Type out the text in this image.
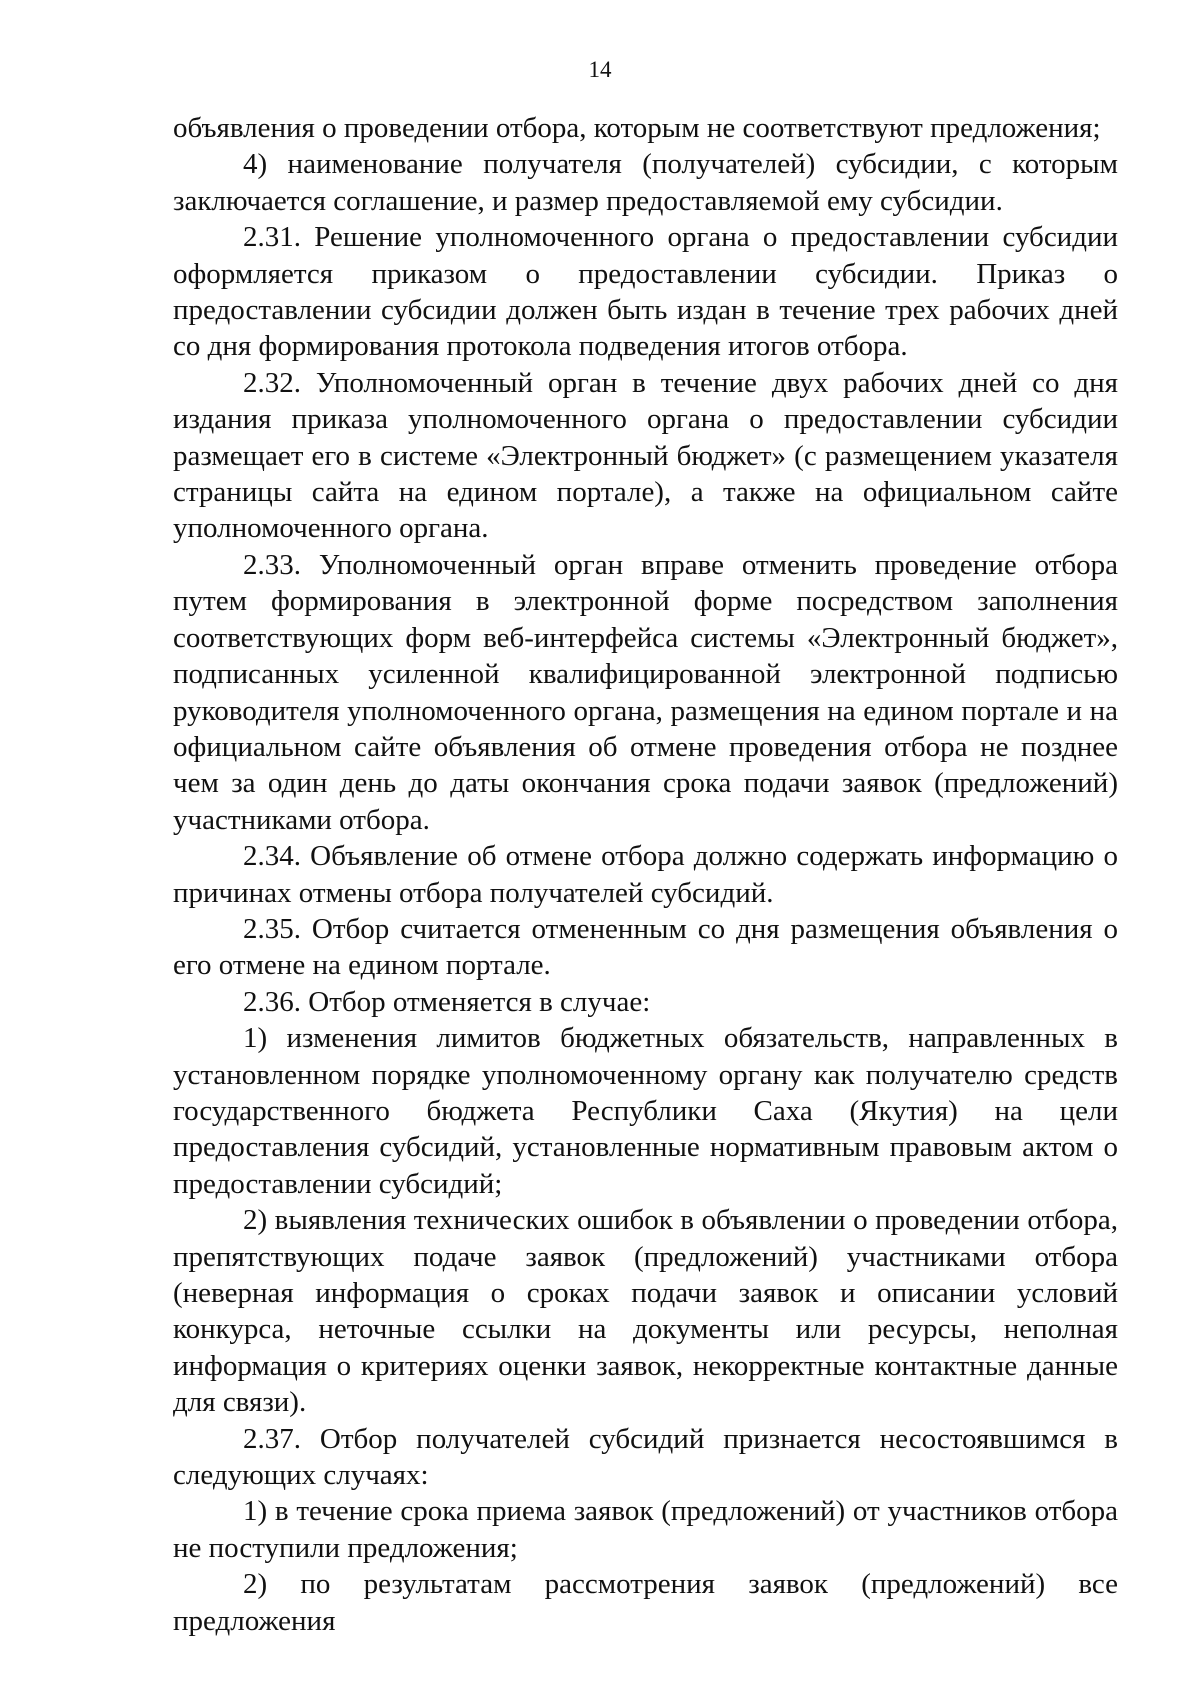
14

объявления о проведении отбора, которым не соответствуют предложения;

4) наименование получателя (получателей) субсидии, с которым заключается соглашение, и размер предоставляемой ему субсидии.

2.31. Решение уполномоченного органа о предоставлении субсидии оформляется приказом о предоставлении субсидии. Приказ о предоставлении субсидии должен быть издан в течение трех рабочих дней со дня формирования протокола подведения итогов отбора.

2.32. Уполномоченный орган в течение двух рабочих дней со дня издания приказа уполномоченного органа о предоставлении субсидии размещает его в системе «Электронный бюджет» (с размещением указателя страницы сайта на едином портале), а также на официальном сайте уполномоченного органа.

2.33. Уполномоченный орган вправе отменить проведение отбора путем формирования в электронной форме посредством заполнения соответствующих форм веб-интерфейса системы «Электронный бюджет», подписанных усиленной квалифицированной электронной подписью руководителя уполномоченного органа, размещения на едином портале и на официальном сайте объявления об отмене проведения отбора не позднее чем за один день до даты окончания срока подачи заявок (предложений) участниками отбора.

2.34. Объявление об отмене отбора должно содержать информацию о причинах отмены отбора получателей субсидий.

2.35. Отбор считается отмененным со дня размещения объявления о его отмене на едином портале.

2.36. Отбор отменяется в случае:

1) изменения лимитов бюджетных обязательств, направленных в установленном порядке уполномоченному органу как получателю средств государственного бюджета Республики Саха (Якутия) на цели предоставления субсидий, установленные нормативным правовым актом о предоставлении субсидий;

2) выявления технических ошибок в объявлении о проведении отбора, препятствующих подаче заявок (предложений) участниками отбора (неверная информация о сроках подачи заявок и описании условий конкурса, неточные ссылки на документы или ресурсы, неполная информация о критериях оценки заявок, некорректные контактные данные для связи).

2.37. Отбор получателей субсидий признается несостоявшимся в следующих случаях:

1) в течение срока приема заявок (предложений) от участников отбора не поступили предложения;

2) по результатам рассмотрения заявок (предложений) все предложения
